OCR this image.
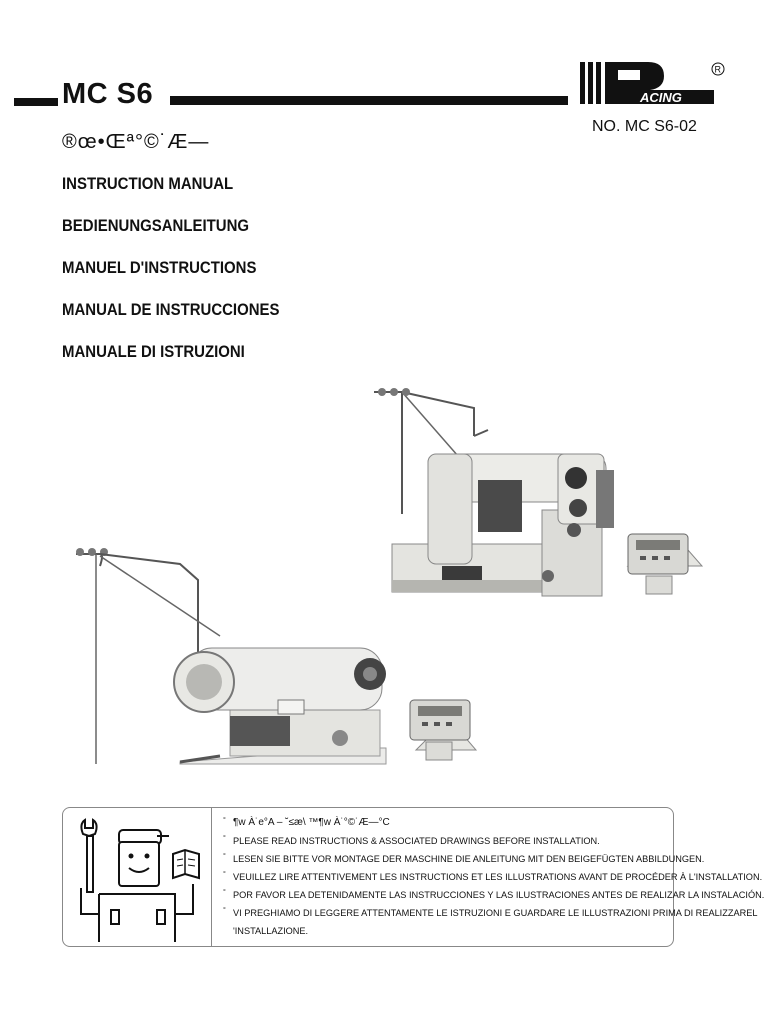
MC S6	ACING
R
NO. MC S6-02
®œ•Œª°©˙Æ—
INSTRUCTION MANUAL
BEDIENUNGSANLEITUNG
MANUEL D'INSTRUCTIONS
MANUAL DE INSTRUCCIONES
MANUALE DI ISTRUZIONI
° ¶w À˙e°A – ˘≤æ\ ™¶w À˙°©˙Æ—°C
° PLEASE READ INSTRUCTIONS & ASSOCIATED DRAWINGS BEFORE INSTALLATION.
° LESEN SIE BITTE VOR MONTAGE DER MASCHINE DIE ANLEITUNG MIT DEN BEIGEFÜGTEN ABBILDUNGEN.
° VEUILLEZ LIRE ATTENTIVEMENT LES INSTRUCTIONS ET LES ILLUSTRATIONS AVANT DE PROCÉDER À L'INSTALLATION.
° POR FAVOR LEA DETENIDAMENTE LAS INSTRUCCIONES Y LAS ILUSTRACIONES ANTES DE REALIZAR LA INSTALACIÓN.
° VI PREGHIAMO DI LEGGERE ATTENTAMENTE LE ISTRUZIONI E GUARDARE LE ILLUSTRAZIONI PRIMA DI REALIZZAREL
'INSTALLAZIONE.
